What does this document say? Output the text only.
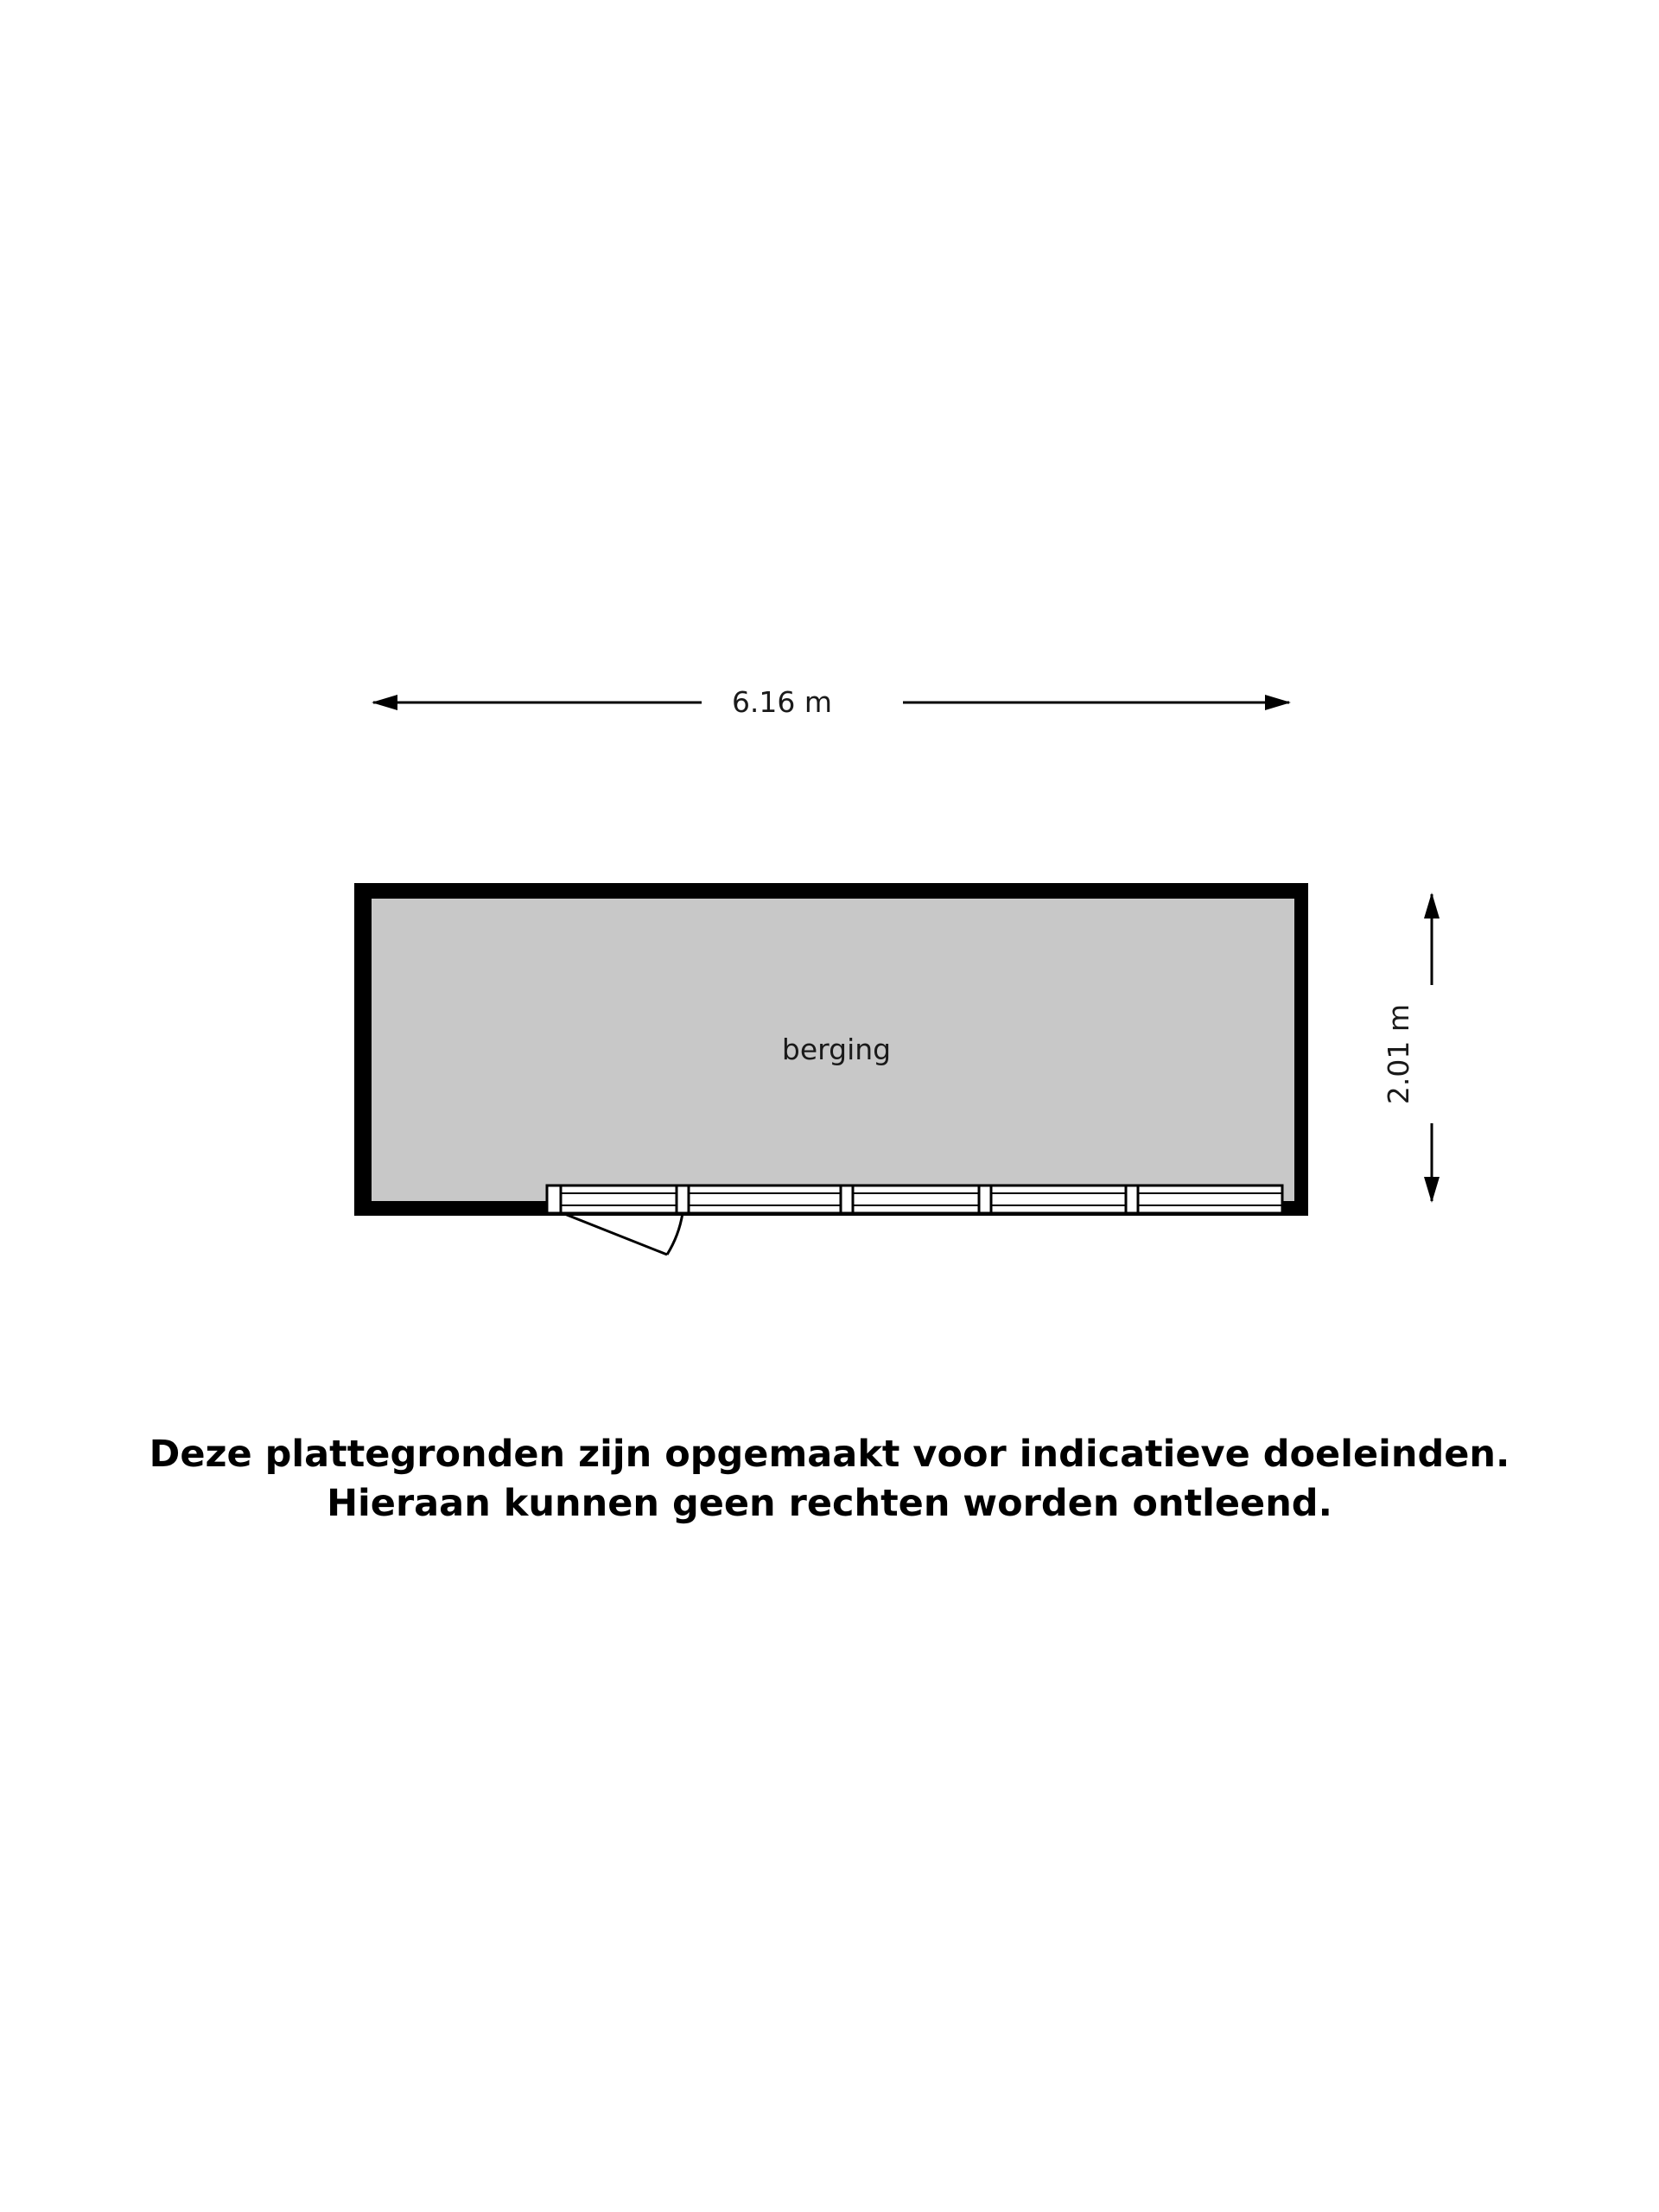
6.16 m
2.01 m
berging
Deze plattegronden zijn opgemaakt voor indicatieve doeleinden.
Hieraan kunnen geen rechten worden ontleend.
